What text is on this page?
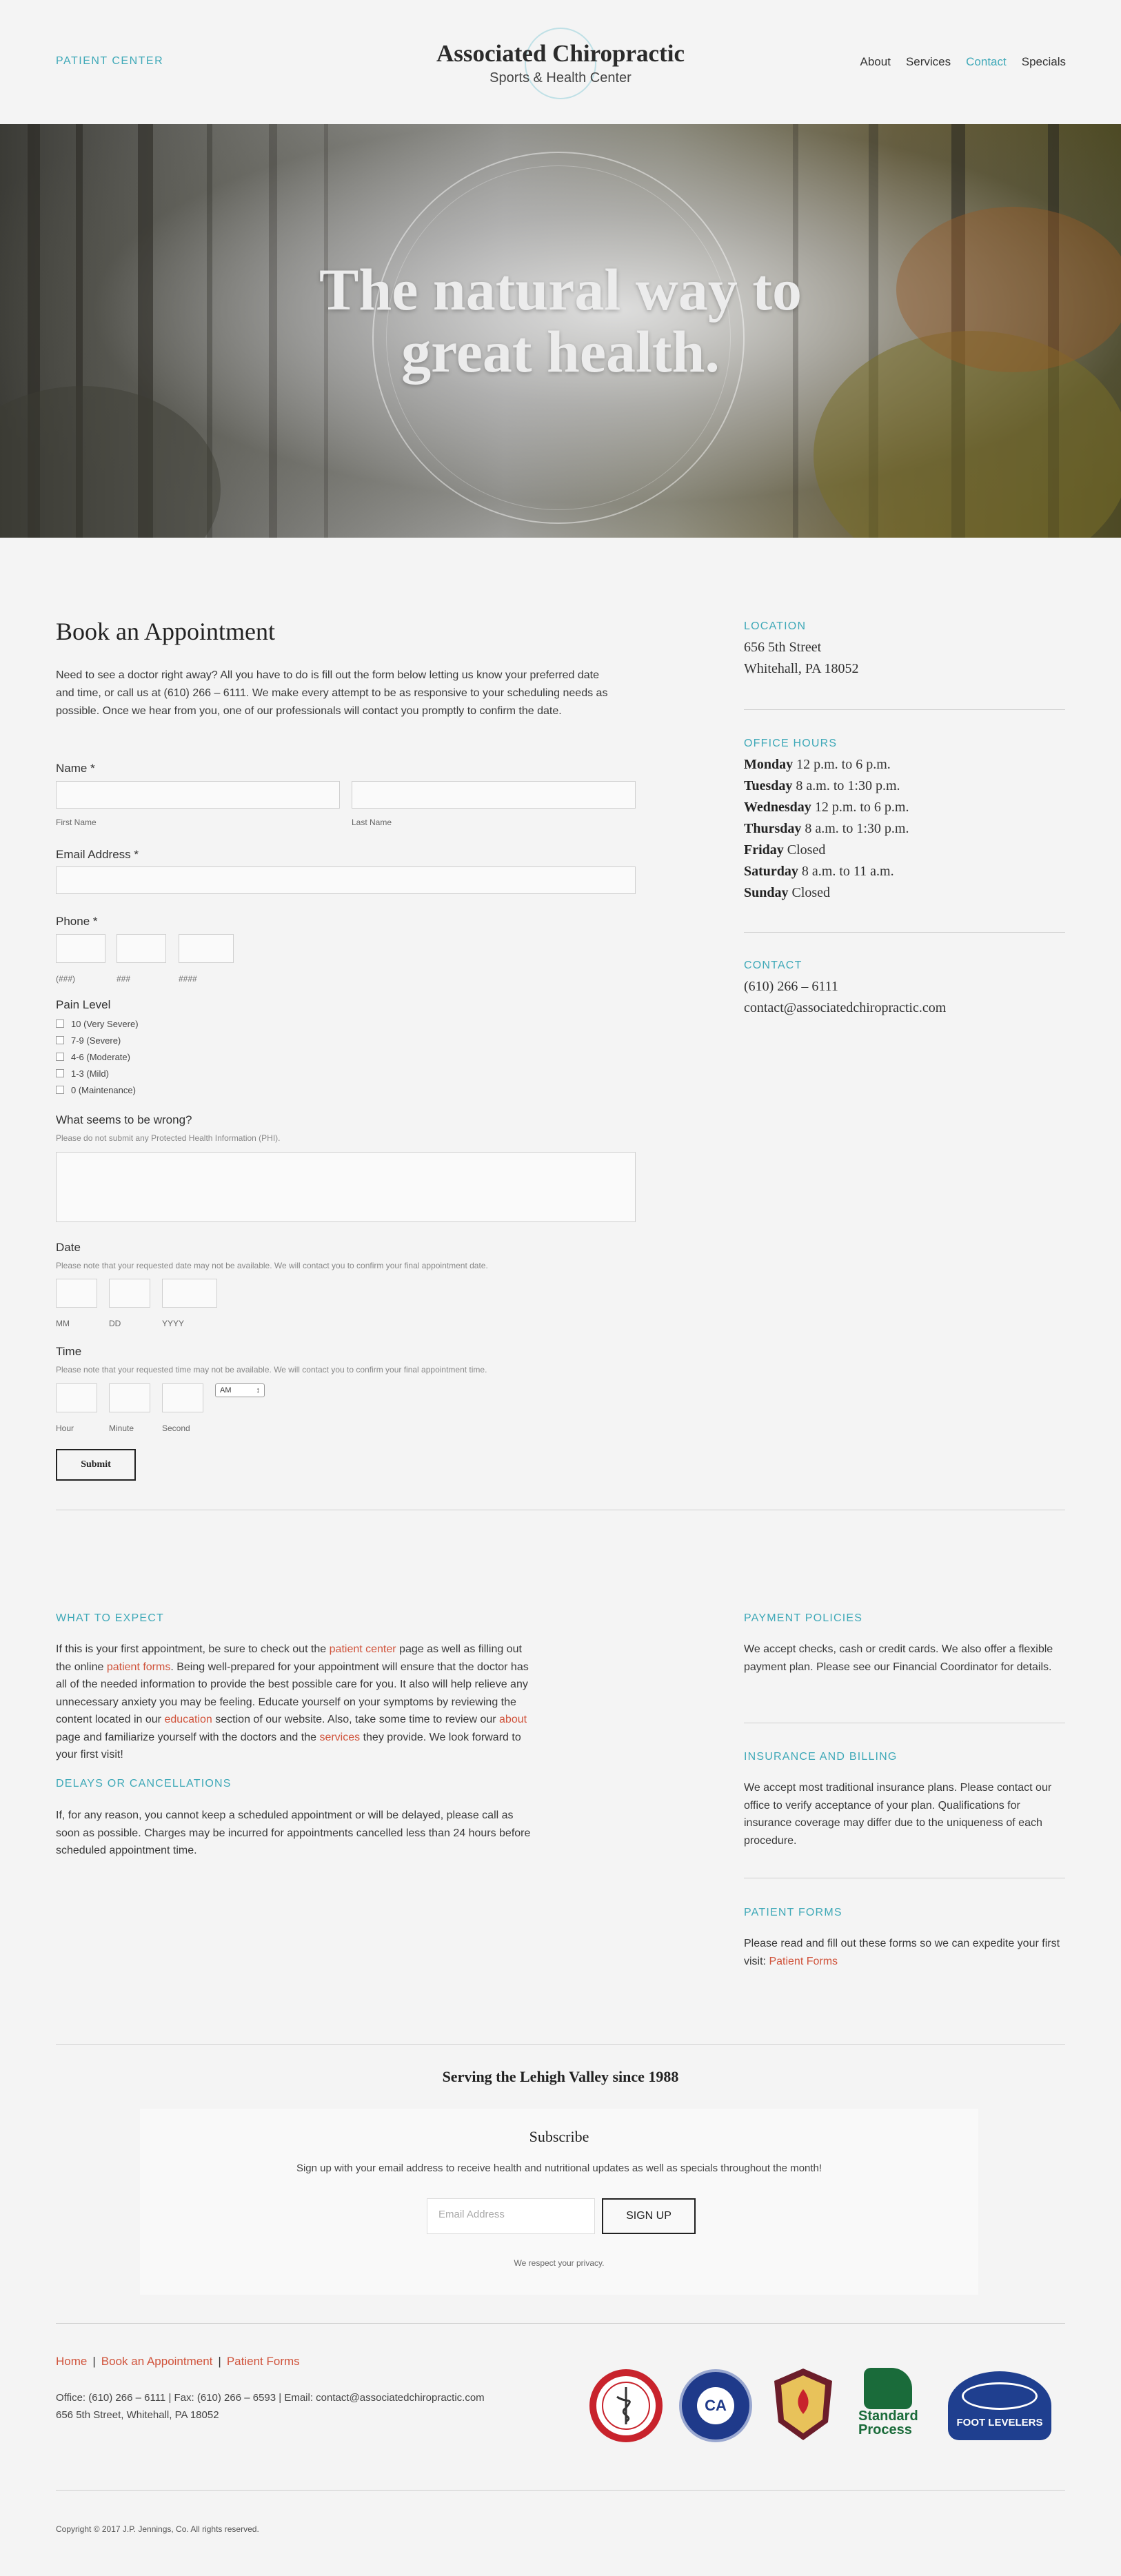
PATIENT CENTER	Associated Chiropractic
Sports & Health Center
About Services Contact Specials
The natural way to
great health.
Book an Appointment
Need to see a doctor right away? All you have to do is fill out the form below letting us know your preferred date and time, or call us at (610) 266 – 6111. We make every attempt to be as responsive to your scheduling needs as possible. Once we hear from you, one of our professionals will contact you promptly to confirm the date.
Name *
First Name	Last Name
Email Address *
Phone *
(###)	###	####
Pain Level
10 (Very Severe)
7-9 (Severe)
4-6 (Moderate)
1-3 (Mild)
0 (Maintenance)
What seems to be wrong?
Please do not submit any Protected Health Information (PHI).
Date
Please note that your requested date may not be available. We will contact you to confirm your final appointment date.
MM	DD	YYYY
Time
Please note that your requested time may not be available. We will contact you to confirm your final appointment time.
Hour	Minute	Second
AM	↕
Submit
LOCATION
656 5th Street
Whitehall, PA 18052
OFFICE HOURS
Monday 12 p.m. to 6 p.m.
Tuesday 8 a.m. to 1:30 p.m.
Wednesday 12 p.m. to 6 p.m.
Thursday 8 a.m. to 1:30 p.m.
Friday Closed
Saturday 8 a.m. to 11 a.m.
Sunday Closed
CONTACT
(610) 266 – 6111
contact@associatedchiropractic.com
WHAT TO EXPECT
If this is your first appointment, be sure to check out the patient center page as well as filling out the online patient forms. Being well-prepared for your appointment will ensure that the doctor has all of the needed information to provide the best possible care for you. It also will help relieve any unnecessary anxiety you may be feeling. Educate yourself on your symptoms by reviewing the content located in our education section of our website. Also, take some time to review our about page and familiarize yourself with the doctors and the services they provide. We look forward to your first visit!
DELAYS OR CANCELLATIONS
If, for any reason, you cannot keep a scheduled appointment or will be delayed, please call as soon as possible. Charges may be incurred for appointments cancelled less than 24 hours before scheduled appointment time.
PAYMENT POLICIES
We accept checks, cash or credit cards. We also offer a flexible payment plan. Please see our Financial Coordinator for details.
INSURANCE AND BILLING
We accept most traditional insurance plans. Please contact our office to verify acceptance of your plan. Qualifications for insurance coverage may differ due to the uniqueness of each procedure.
PATIENT FORMS
Please read and fill out these forms so we can expedite your first visit: Patient Forms
Serving the Lehigh Valley since 1988
Subscribe
Sign up with your email address to receive health and nutritional updates as well as specials throughout the month!
Email Address	SIGN UP
We respect your privacy.
Home | Book an Appointment | Patient Forms
Office: (610) 266 – 6111 | Fax: (610) 266 – 6593 | Email: contact@associatedchiropractic.com
656 5th Street, Whitehall, PA 18052
CA
Standard Process	FOOT LEVELERS
Copyright © 2017 J.P. Jennings, Co. All rights reserved.
